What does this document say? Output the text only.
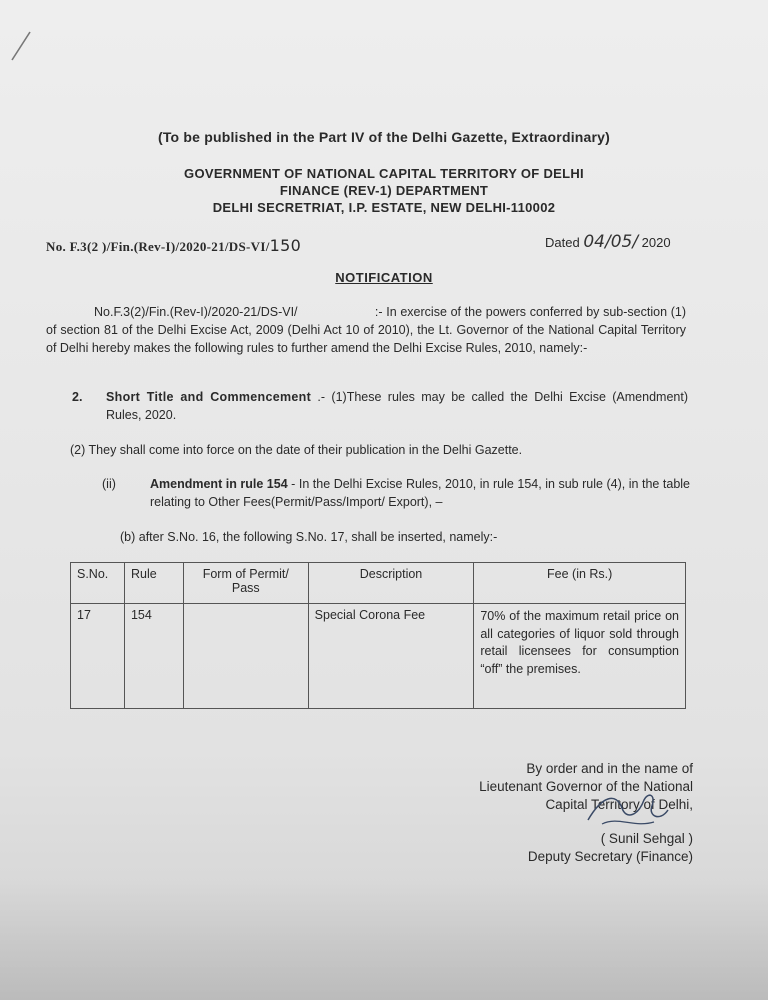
(To be published in the Part IV of the Delhi Gazette, Extraordinary)
GOVERNMENT OF NATIONAL CAPITAL TERRITORY OF DELHI
FINANCE (REV-1) DEPARTMENT
DELHI SECRETRIAT, I.P. ESTATE, NEW DELHI-110002
No. F.3(2 )/Fin.(Rev-I)/2020-21/DS-VI/150	Dated 04/05/ 2020
NOTIFICATION
No.F.3(2)/Fin.(Rev-I)/2020-21/DS-VI/	:- In exercise of the powers conferred by sub-section (1) of section 81 of the Delhi Excise Act, 2009 (Delhi Act 10 of 2010), the Lt. Governor of the National Capital Territory of Delhi hereby makes the following rules to further amend the Delhi Excise Rules, 2010, namely:-
2. Short Title and Commencement .- (1)These rules may be called the Delhi Excise (Amendment) Rules, 2020.
(2) They shall come into force on the date of their publication in the Delhi Gazette.
(ii)	Amendment in rule 154 - In the Delhi Excise Rules, 2010, in rule 154, in sub rule (4), in the table relating to Other Fees(Permit/Pass/Import/ Export), –
(b) after S.No. 16, the following S.No. 17, shall be inserted, namely:-
S.No.	Rule	Form of Permit/ Pass	Description	Fee (in Rs.)
17	154		Special Corona Fee	70% of the maximum retail price on all categories of liquor sold through retail licensees for consumption “off” the premises.
By order and in the name of
Lieutenant Governor of the National
Capital Territory of Delhi,
( Sunil Sehgal )
Deputy Secretary (Finance)
